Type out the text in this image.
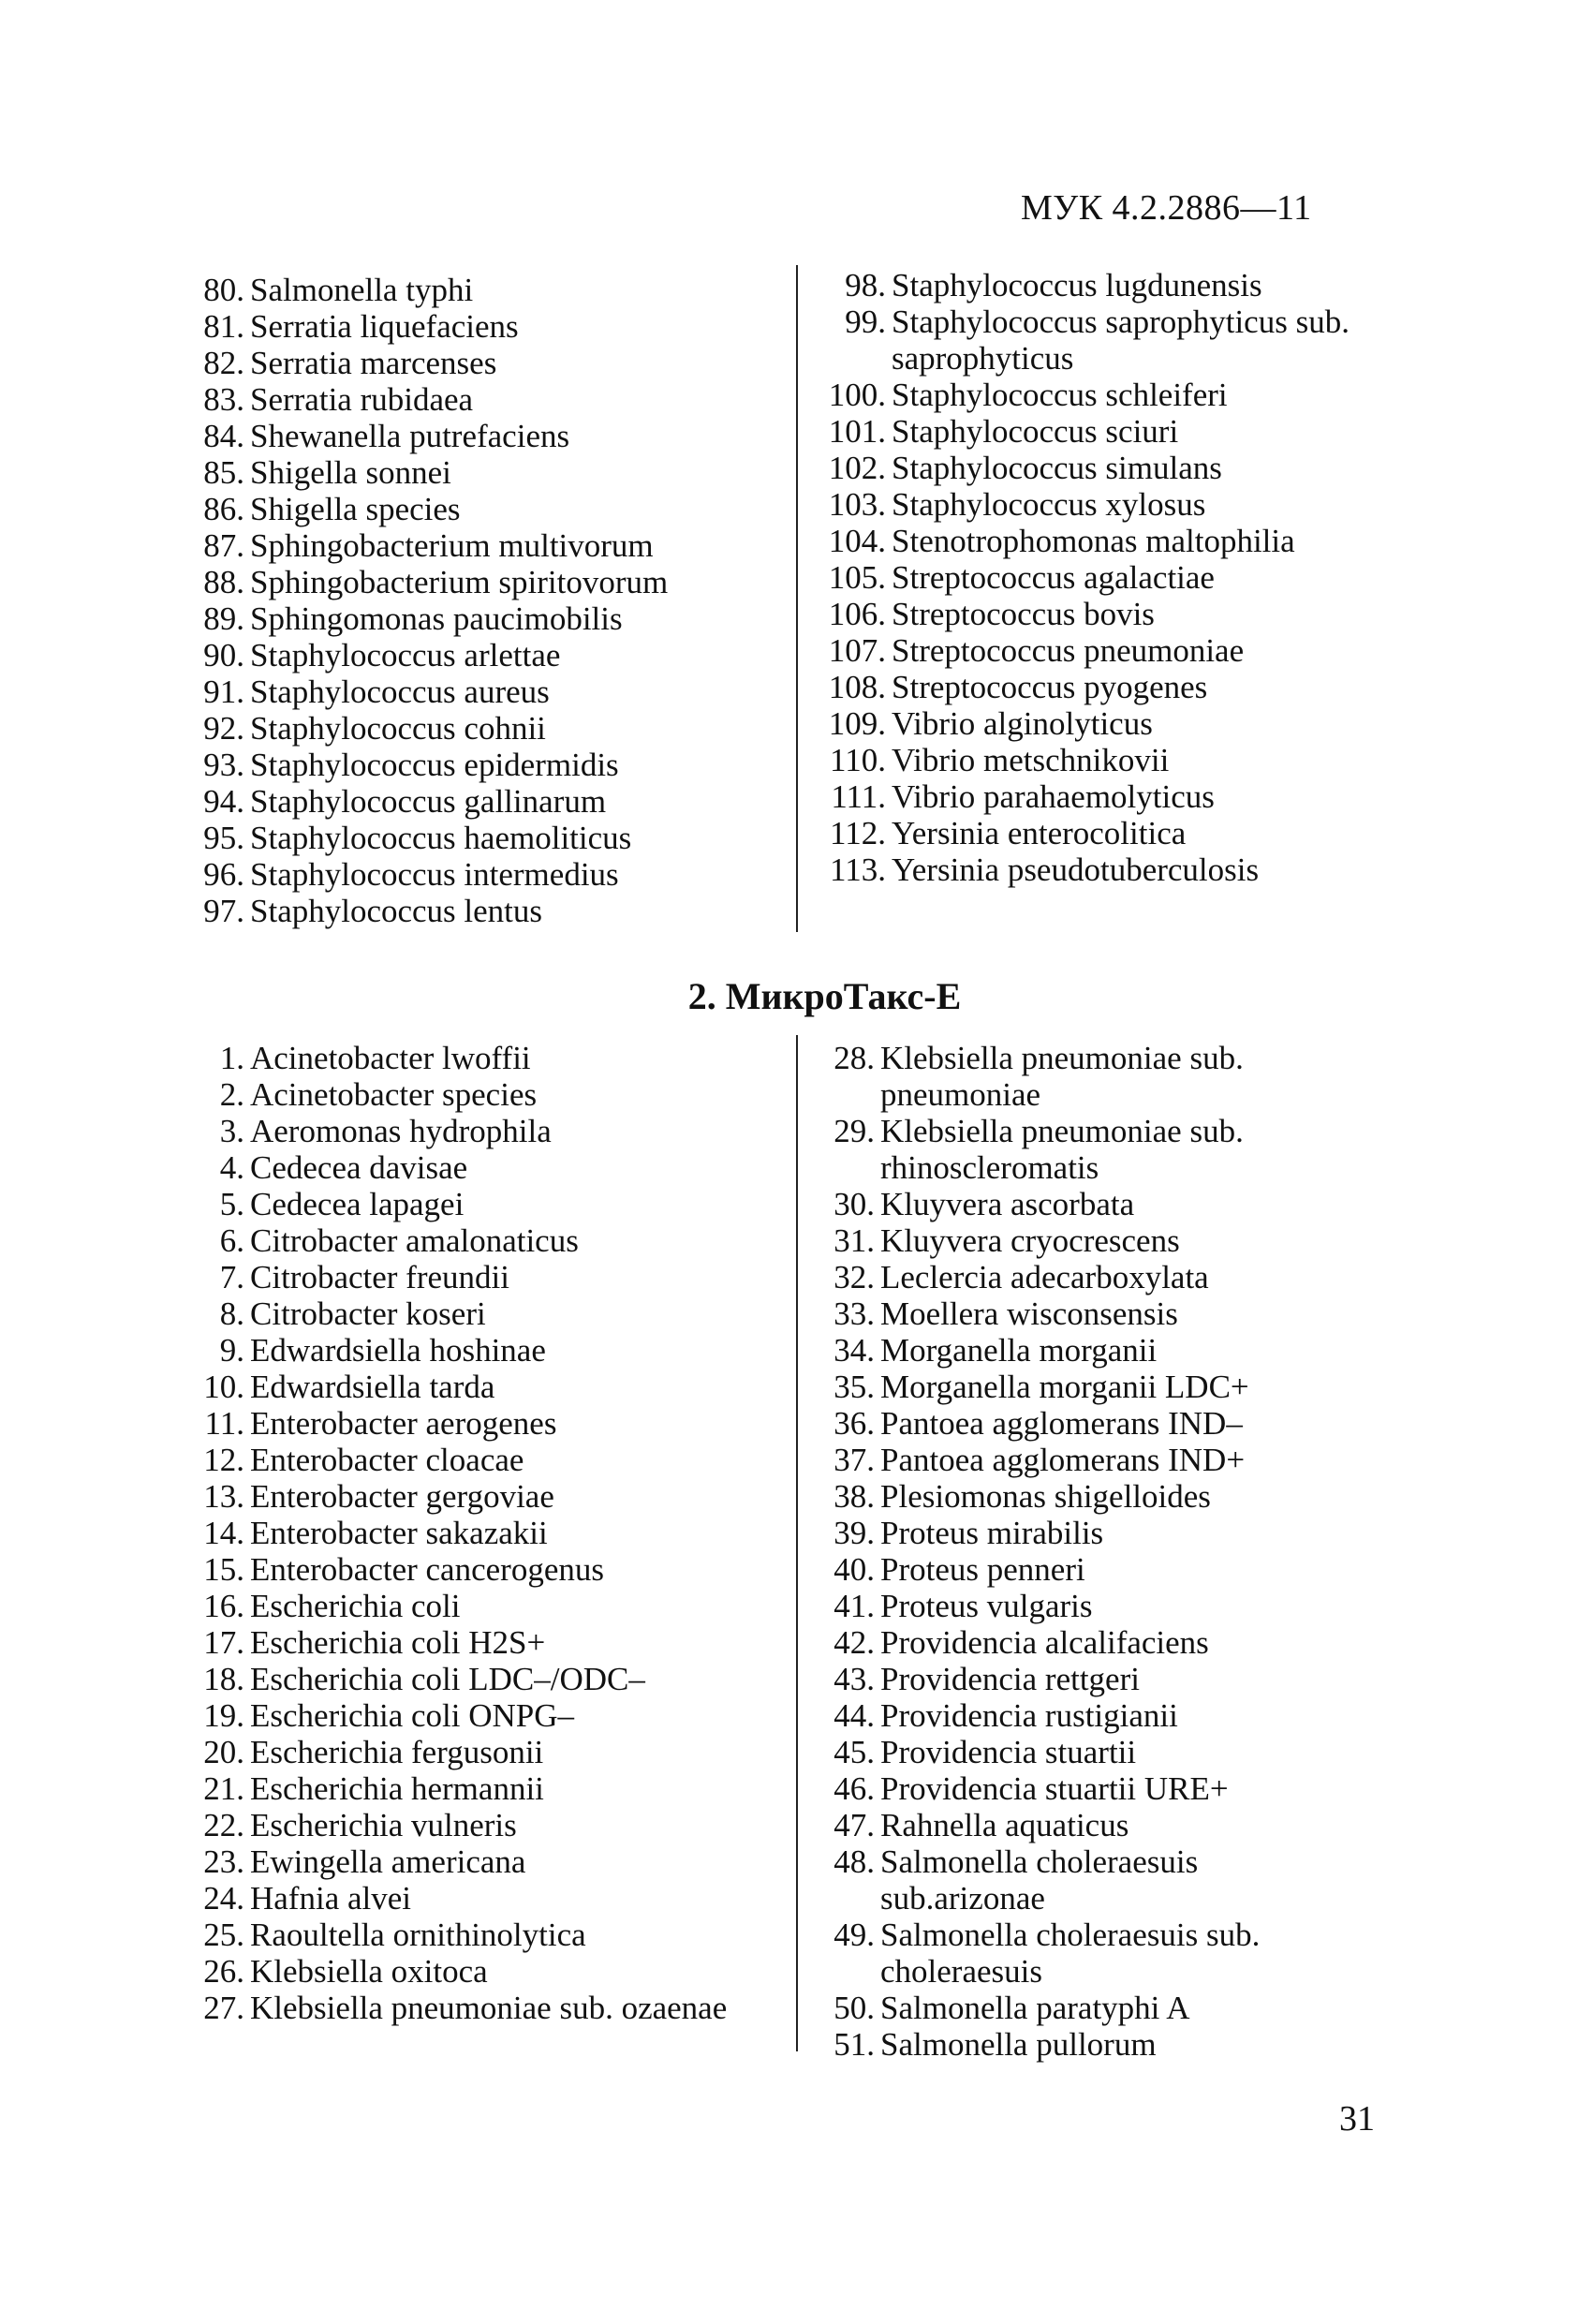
МУК 4.2.2886—11
80. Salmonella typhi
81. Serratia liquefaciens
82. Serratia marcenses
83. Serratia rubidaea
84. Shewanella putrefaciens
85. Shigella sonnei
86. Shigella species
87. Sphingobacterium multivorum
88. Sphingobacterium spiritovorum
89. Sphingomonas paucimobilis
90. Staphylococcus arlettae
91. Staphylococcus aureus
92. Staphylococcus cohnii
93. Staphylococcus epidermidis
94. Staphylococcus gallinarum
95. Staphylococcus haemoliticus
96. Staphylococcus intermedius
97. Staphylococcus lentus
98. Staphylococcus lugdunensis
99. Staphylococcus saprophyticus sub. saprophyticus
100. Staphylococcus schleiferi
101. Staphylococcus sciuri
102. Staphylococcus simulans
103. Staphylococcus xylosus
104. Stenotrophomonas maltophilia
105. Streptococcus agalactiae
106. Streptococcus bovis
107. Streptococcus pneumoniae
108. Streptococcus pyogenes
109. Vibrio alginolyticus
110. Vibrio metschnikovii
111. Vibrio parahaemolyticus
112. Yersinia enterocolitica
113. Yersinia pseudotuberculosis
2. МикроТакс-Е
1. Acinetobacter lwoffii
2. Acinetobacter species
3. Aeromonas hydrophila
4. Cedecea davisae
5. Cedecea lapagei
6. Citrobacter amalonaticus
7. Citrobacter freundii
8. Citrobacter koseri
9. Edwardsiella hoshinae
10. Edwardsiella tarda
11. Enterobacter aerogenes
12. Enterobacter cloacae
13. Enterobacter gergoviae
14. Enterobacter sakazakii
15. Enterobacter cancerogenus
16. Escherichia coli
17. Escherichia coli H2S+
18. Escherichia coli LDC–/ODC–
19. Escherichia coli ONPG–
20. Escherichia fergusonii
21. Escherichia hermannii
22. Escherichia vulneris
23. Ewingella americana
24. Hafnia alvei
25. Raoultella ornithinolytica
26. Klebsiella oxitoca
27. Klebsiella pneumoniae sub. ozaenae
28. Klebsiella pneumoniae sub. pneumoniae
29. Klebsiella pneumoniae sub. rhinoscleromatis
30. Kluyvera ascorbata
31. Kluyvera cryocrescens
32. Leclercia adecarboxylata
33. Moellera wisconsensis
34. Morganella morganii
35. Morganella morganii LDC+
36. Pantoea agglomerans IND–
37. Pantoea agglomerans IND+
38. Plesiomonas shigelloides
39. Proteus mirabilis
40. Proteus penneri
41. Proteus vulgaris
42. Providencia alcalifaciens
43. Providencia rettgeri
44. Providencia rustigianii
45. Providencia stuartii
46. Providencia stuartii URE+
47. Rahnella aquaticus
48. Salmonella choleraesuis sub.arizonae
49. Salmonella choleraesuis sub. choleraesuis
50. Salmonella paratyphi A
51. Salmonella pullorum
31
